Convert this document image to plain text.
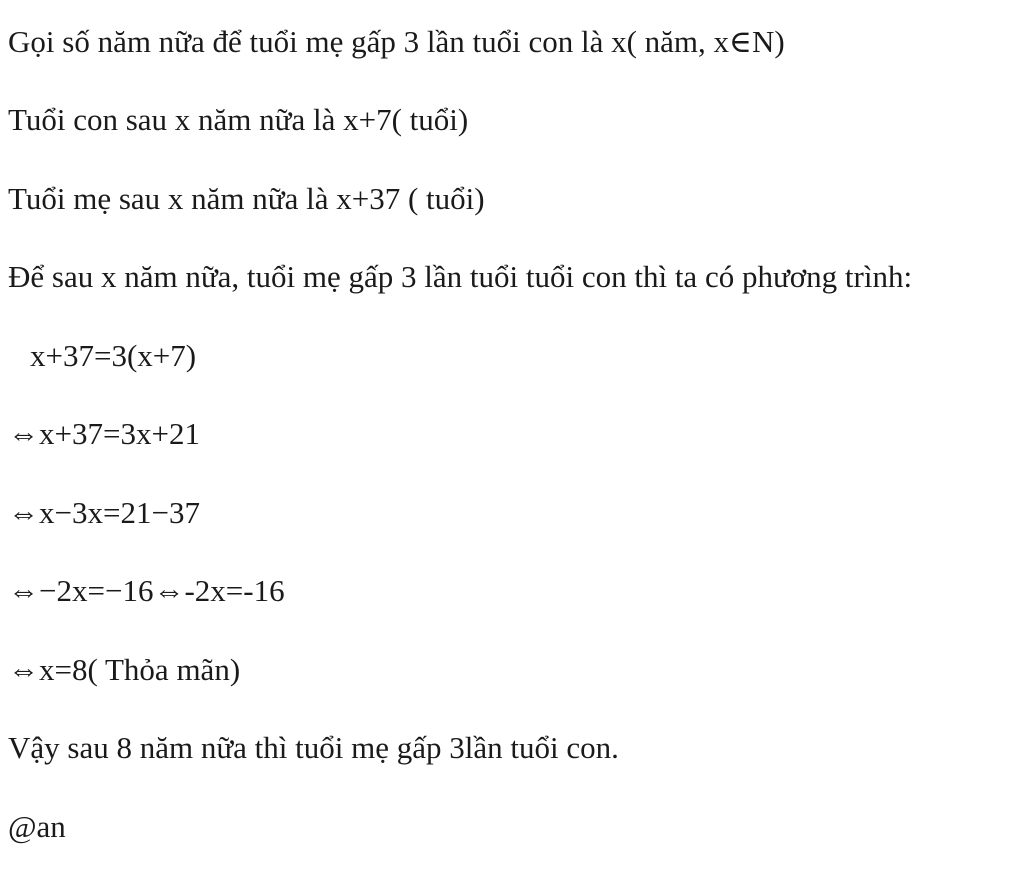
Gọi số năm nữa để tuổi mẹ gấp 3 lần tuổi con là x( năm, x∈N)
Tuổi con sau x năm nữa là x+7( tuổi)
Tuổi mẹ sau x năm nữa là x+37 ( tuổi)
Để sau x năm nữa, tuổi mẹ gấp 3 lần tuổi tuổi con thì ta có phương trình:
x+37=3(x+7)
⇔x+37=3x+21
⇔x−3x=21−37
⇔−2x=−16⇔-2x=-16
⇔x=8( Thỏa mãn)
Vậy sau 8 năm nữa thì tuổi mẹ gấp 3lần tuổi con.
@an
